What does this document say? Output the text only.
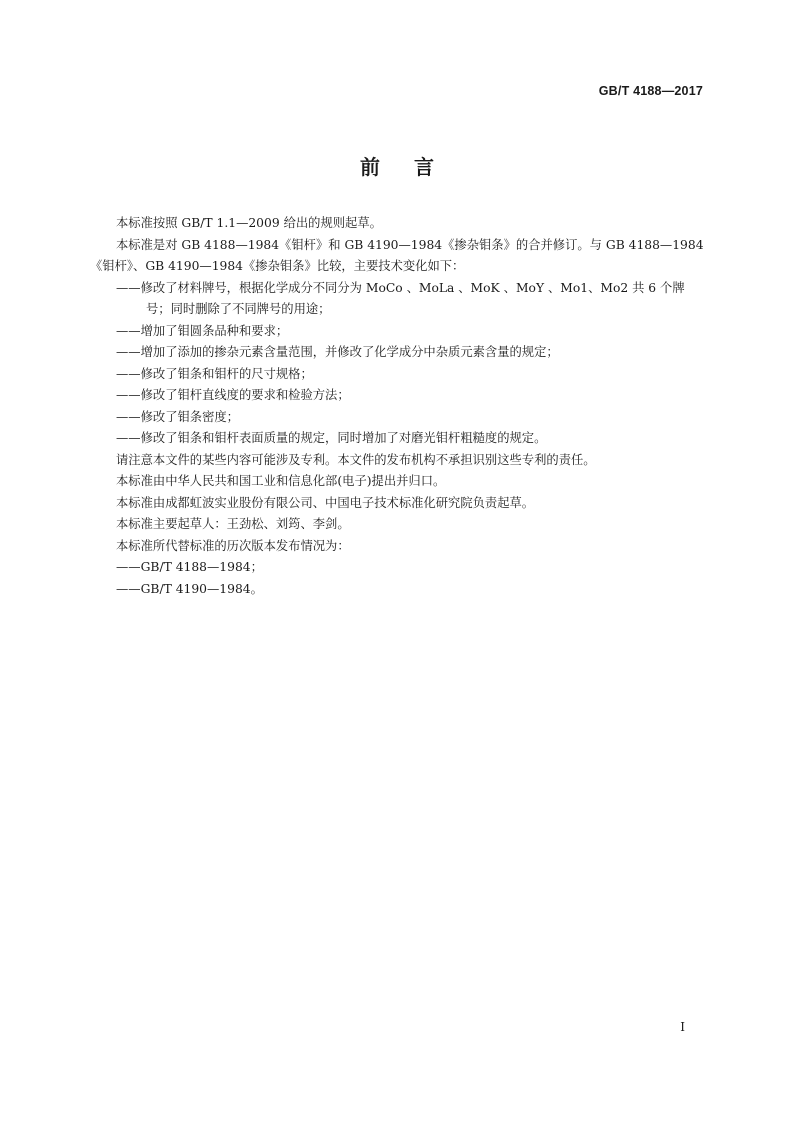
GB/T 4188—2017
前言
本标准按照 GB/T 1.1—2009 给出的规则起草。
本标准是对 GB 4188—1984《钼杆》和 GB 4190—1984《掺杂钼条》的合并修订。与 GB 4188—1984
《钼杆》、GB 4190—1984《掺杂钼条》比较，主要技术变化如下：
——修改了材料牌号，根据化学成分不同分为 MoCo 、MoLa 、MoK 、MoY 、Mo1、Mo2 共 6 个牌
号；同时删除了不同牌号的用途；
——增加了钼圆条品种和要求；
——增加了添加的掺杂元素含量范围，并修改了化学成分中杂质元素含量的规定；
——修改了钼条和钼杆的尺寸规格；
——修改了钼杆直线度的要求和检验方法；
——修改了钼条密度；
——修改了钼条和钼杆表面质量的规定，同时增加了对磨光钼杆粗糙度的规定。
请注意本文件的某些内容可能涉及专利。本文件的发布机构不承担识别这些专利的责任。
本标准由中华人民共和国工业和信息化部(电子)提出并归口。
本标准由成都虹波实业股份有限公司、中国电子技术标准化研究院负责起草。
本标准主要起草人：王劲松、刘筠、李剑。
本标准所代替标准的历次版本发布情况为：
——GB/T 4188—1984；
——GB/T 4190—1984。
I
